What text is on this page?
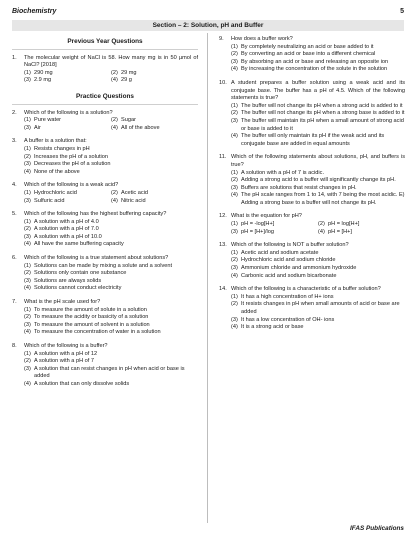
Biochemistry	5
Section – 2: Solution, pH and Buffer
Previous Year Questions
1.	The molecular weight of NaCl is 58. How many mg is in 50 µmol of NaCl? [2018]
(1) 290 mg	(2) 29 mg
(3) 2.9 mg	(4) 29 g
Practice Questions
2.	Which of the following is a solution?
(1) Pure water	(2) Sugar
(3) Air	(4) All of the above
3.	A buffer is a solution that:
(1) Resists changes in pH
(2) Increases the pH of a solution
(3) Decreases the pH of a solution
(4) None of the above
4.	Which of the following is a weak acid?
(1) Hydrochloric acid	(2) Acetic acid
(3) Sulfuric acid	(4) Nitric acid
5.	Which of the following has the highest buffering capacity?
(1) A solution with a pH of 4.0
(2) A solution with a pH of 7.0
(3) A solution with a pH of 10.0
(4) All have the same buffering capacity
6.	Which of the following is a true statement about solutions?
(1) Solutions can be made by mixing a solute and a solvent
(2) Solutions only contain one substance
(3) Solutions are always solids
(4) Solutions cannot conduct electricity
7.	What is the pH scale used for?
(1) To measure the amount of solute in a solution
(2) To measure the acidity or basicity of a solution
(3) To measure the amount of solvent in a solution
(4) To measure the concentration of water in a solution
8.	Which of the following is a buffer?
(1) A solution with a pH of 12
(2) A solution with a pH of 7
(3) A solution that can resist changes in pH when acid or base is added
(4) A solution that can only dissolve solids
9.	How does a buffer work?
(1) By completely neutralizing an acid or base added to it
(2) By converting an acid or base into a different chemical
(3) By absorbing an acid or base and releasing an opposite ion
(4) By increasing the concentration of the solute in the solution
10. A student prepares a buffer solution using a weak acid and its conjugate base. The buffer has a pH of 4.5. Which of the following statements is true?
(1) The buffer will not change its pH when a strong acid is added to it
(2) The buffer will not change its pH when a strong base is added to it
(3) The buffer will maintain its pH when a small amount of strong acid or base is added to it
(4) The buffer will only maintain its pH if the weak acid and its conjugate base are added in equal amounts
11. Which of the following statements about solutions, pH, and buffers is true?
(1) A solution with a pH of 7 is acidic.
(2) Adding a strong acid to a buffer will significantly change its pH.
(3) Buffers are solutions that resist changes in pH.
(4) The pH scale ranges from 1 to 14, with 7 being the most acidic. E) Adding a strong base to a buffer will not change its pH.
12. What is the equation for pH?
(1) pH = -log[H+]	(2) pH = log[H+]
(3) pH = [H+]/log	(4) pH = [H+]
13. Which of the following is NOT a buffer solution?
(1) Acetic acid and sodium acetate
(2) Hydrochloric acid and sodium chloride
(3) Ammonium chloride and ammonium hydroxide
(4) Carbonic acid and sodium bicarbonate
14. Which of the following is a characteristic of a buffer solution?
(1) It has a high concentration of H+ ions
(2) It resists changes in pH when small amounts of acid or base are added
(3) It has a low concentration of OH- ions
(4) It is a strong acid or base
IFAS Publications
